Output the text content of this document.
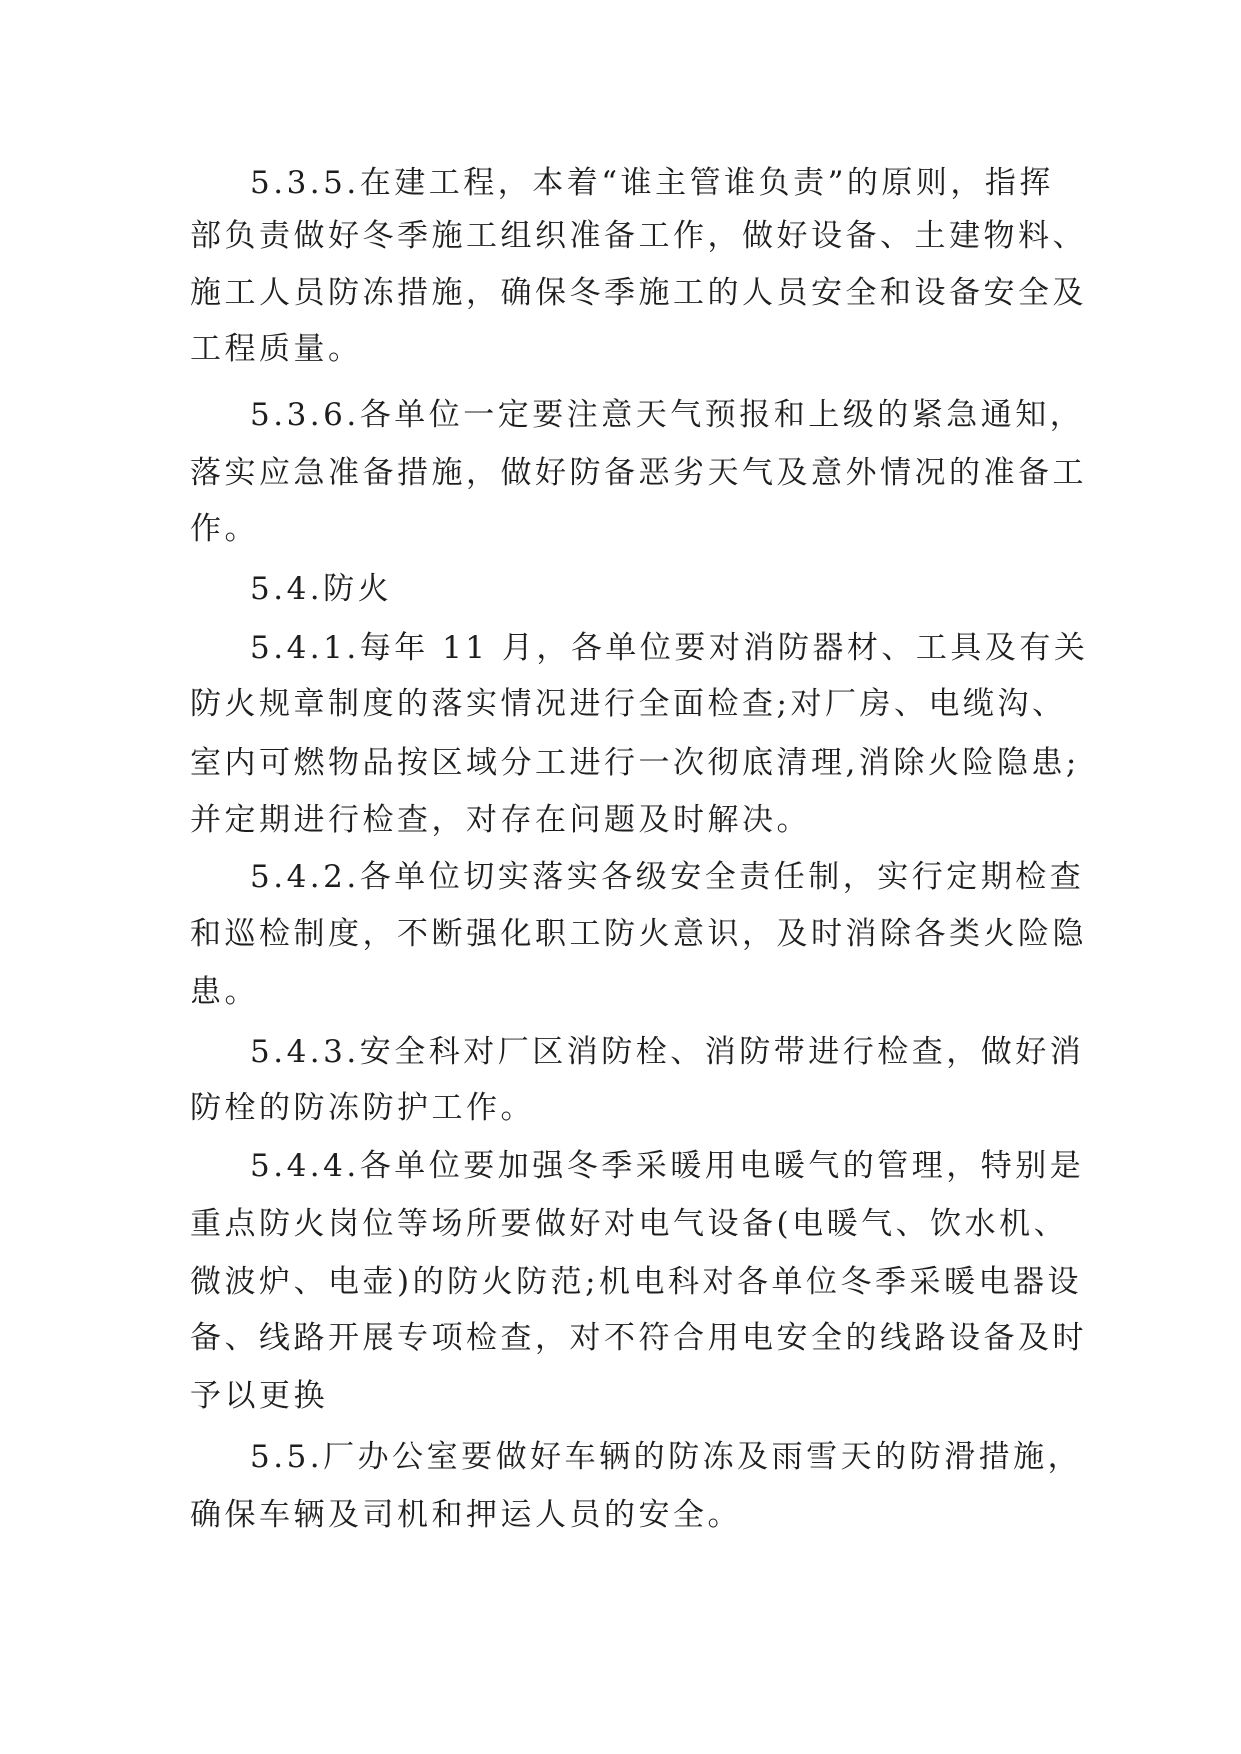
5.3.5.在建工程，本着“谁主管谁负责”的原则，指挥
部负责做好冬季施工组织准备工作，做好设备、土建物料、
施工人员防冻措施，确保冬季施工的人员安全和设备安全及
工程质量。
5.3.6.各单位一定要注意天气预报和上级的紧急通知，
落实应急准备措施，做好防备恶劣天气及意外情况的准备工
作。
5.4.防火
5.4.1.每年 11 月，各单位要对消防器材、工具及有关
防火规章制度的落实情况进行全面检查;对厂房、电缆沟、
室内可燃物品按区域分工进行一次彻底清理,消除火险隐患;
并定期进行检查，对存在问题及时解决。
5.4.2.各单位切实落实各级安全责任制，实行定期检查
和巡检制度，不断强化职工防火意识，及时消除各类火险隐
患。
5.4.3.安全科对厂区消防栓、消防带进行检查，做好消
防栓的防冻防护工作。
5.4.4.各单位要加强冬季采暖用电暖气的管理，特别是
重点防火岗位等场所要做好对电气设备(电暖气、饮水机、
微波炉、电壶)的防火防范;机电科对各单位冬季采暖电器设
备、线路开展专项检查，对不符合用电安全的线路设备及时
予以更换
5.5.厂办公室要做好车辆的防冻及雨雪天的防滑措施，
确保车辆及司机和押运人员的安全。
